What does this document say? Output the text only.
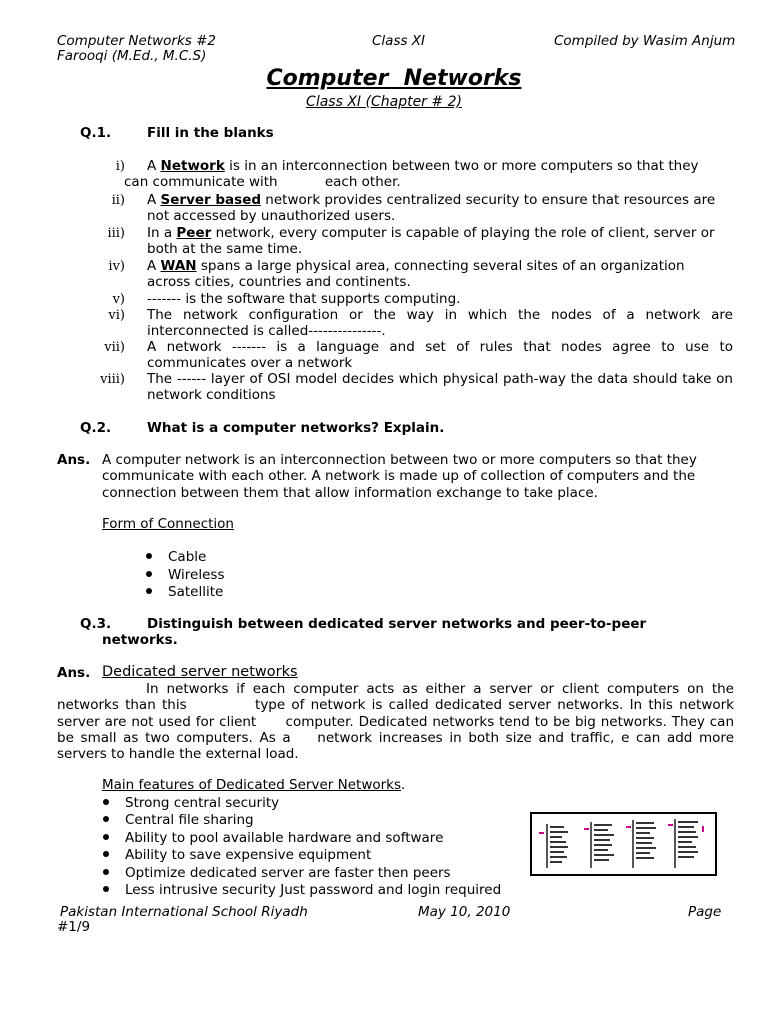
Computer Networks #2	Class XI	Compiled by Wasim Anjum
Farooqi (M.Ed., M.C.S)
Computer  Networks
Class XI (Chapter # 2)
Q.1.	Fill in the blanks
i) A Network is in an interconnection between two or more computers so that they
can communicate with           each other.
ii) A Server based network provides centralized security to ensure that resources are
not accessed by unauthorized users.
iii) In a Peer network, every computer is capable of playing the role of client, server or
both at the same time.
iv) A WAN spans a large physical area, connecting several sites of an organization
across cities, countries and continents.
v) ------- is the software that supports computing.
vi) The network configuration or the way in which the nodes of a network are interconnected is called---------------.
vii) A network ------- is a language and set of rules that nodes agree to use to communicates over a network
viii) The ------ layer of OSI model decides which physical path-way the data should take on network conditions
Q.2.	What is a computer networks? Explain.
Ans. A computer network is an interconnection between two or more computers so that they communicate with each other. A network is made up of collection of computers and the connection between them that allow information exchange to take place.
Form of Connection
Cable
Wireless
Satellite
Q.3.	Distinguish between dedicated server networks and peer-to-peer
networks.
Ans. Dedicated server networks
In networks if each computer acts as either a server or client computers on the networks than this           type of network is called dedicated server networks. In this network server are not used for client      computer. Dedicated networks tend to be big networks. They can be small as two computers. As a    network increases in both size and traffic, e can add more servers to handle the external load.
Main features of Dedicated Server Networks.
Strong central security
Central file sharing
Ability to pool available hardware and software
Ability to save expensive equipment
Optimize dedicated server are faster then peers
Less intrusive security Just password and login required
Pakistan International School Riyadh	May 10, 2010	Page
#1/9
